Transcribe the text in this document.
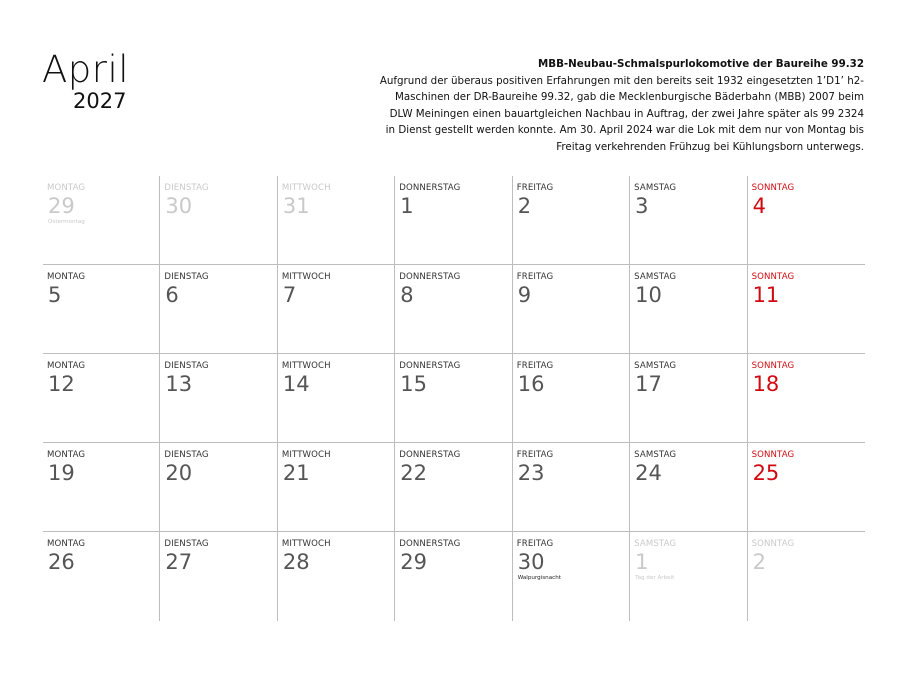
April
2027
MBB-Neubau-Schmalspurlokomotive der Baureihe 99.32
Aufgrund der überaus positiven Erfahrungen mit den bereits seit 1932 eingesetzten 1’D1’ h2-
Maschinen der DR-Baureihe 99.32, gab die Mecklenburgische Bäderbahn (MBB) 2007 beim
DLW Meiningen einen bauartgleichen Nachbau in Auftrag, der zwei Jahre später als 99 2324
in Dienst gestellt werden konnte. Am 30. April 2024 war die Lok mit dem nur von Montag bis
Freitag verkehrenden Frühzug bei Kühlungsborn unterwegs.
MONTAG
29
Ostermontag
DIENSTAG
30
MITTWOCH
31
DONNERSTAG
1
FREITAG
2
SAMSTAG
3
SONNTAG
4
MONTAG
5
DIENSTAG
6
MITTWOCH
7
DONNERSTAG
8
FREITAG
9
SAMSTAG
10
SONNTAG
11
MONTAG
12
DIENSTAG
13
MITTWOCH
14
DONNERSTAG
15
FREITAG
16
SAMSTAG
17
SONNTAG
18
MONTAG
19
DIENSTAG
20
MITTWOCH
21
DONNERSTAG
22
FREITAG
23
SAMSTAG
24
SONNTAG
25
MONTAG
26
DIENSTAG
27
MITTWOCH
28
DONNERSTAG
29
FREITAG
30
Walpurgisnacht
SAMSTAG
1
Tag der Arbeit
SONNTAG
2
